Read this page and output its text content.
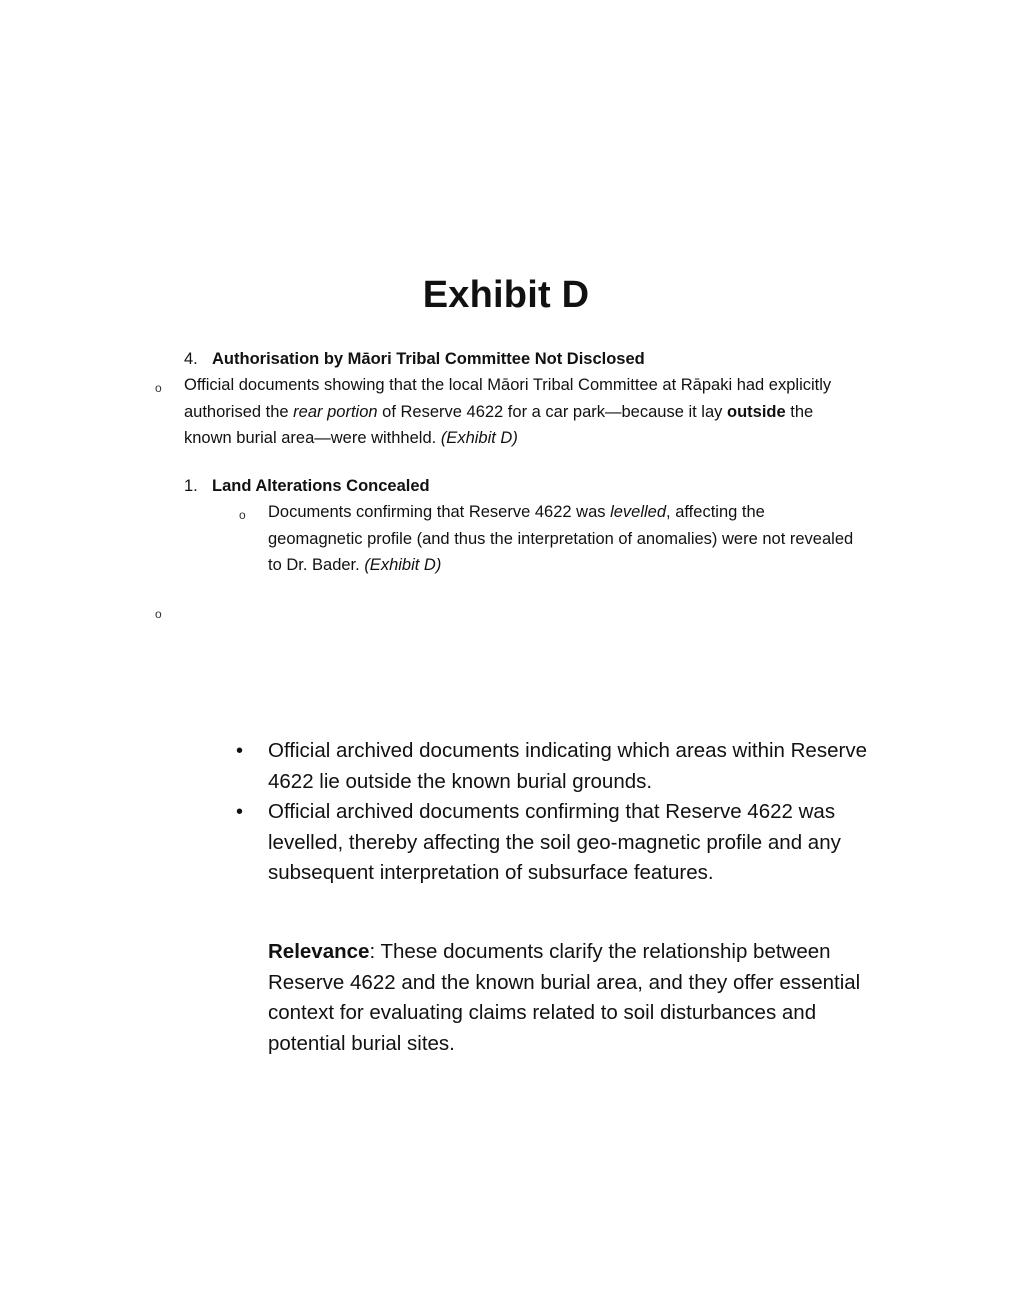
Exhibit D
4. Authorisation by Māori Tribal Committee Not Disclosed
o Official documents showing that the local Māori Tribal Committee at Rāpaki had explicitly authorised the rear portion of Reserve 4622 for a car park—because it lay outside the known burial area—were withheld. (Exhibit D)
1. Land Alterations Concealed
o Documents confirming that Reserve 4622 was levelled, affecting the geomagnetic profile (and thus the interpretation of anomalies) were not revealed to Dr. Bader. (Exhibit D)
o
• Official archived documents indicating which areas within Reserve 4622 lie outside the known burial grounds.
• Official archived documents confirming that Reserve 4622 was levelled, thereby affecting the soil geo-magnetic profile and any subsequent interpretation of subsurface features.
Relevance: These documents clarify the relationship between Reserve 4622 and the known burial area, and they offer essential context for evaluating claims related to soil disturbances and potential burial sites.
